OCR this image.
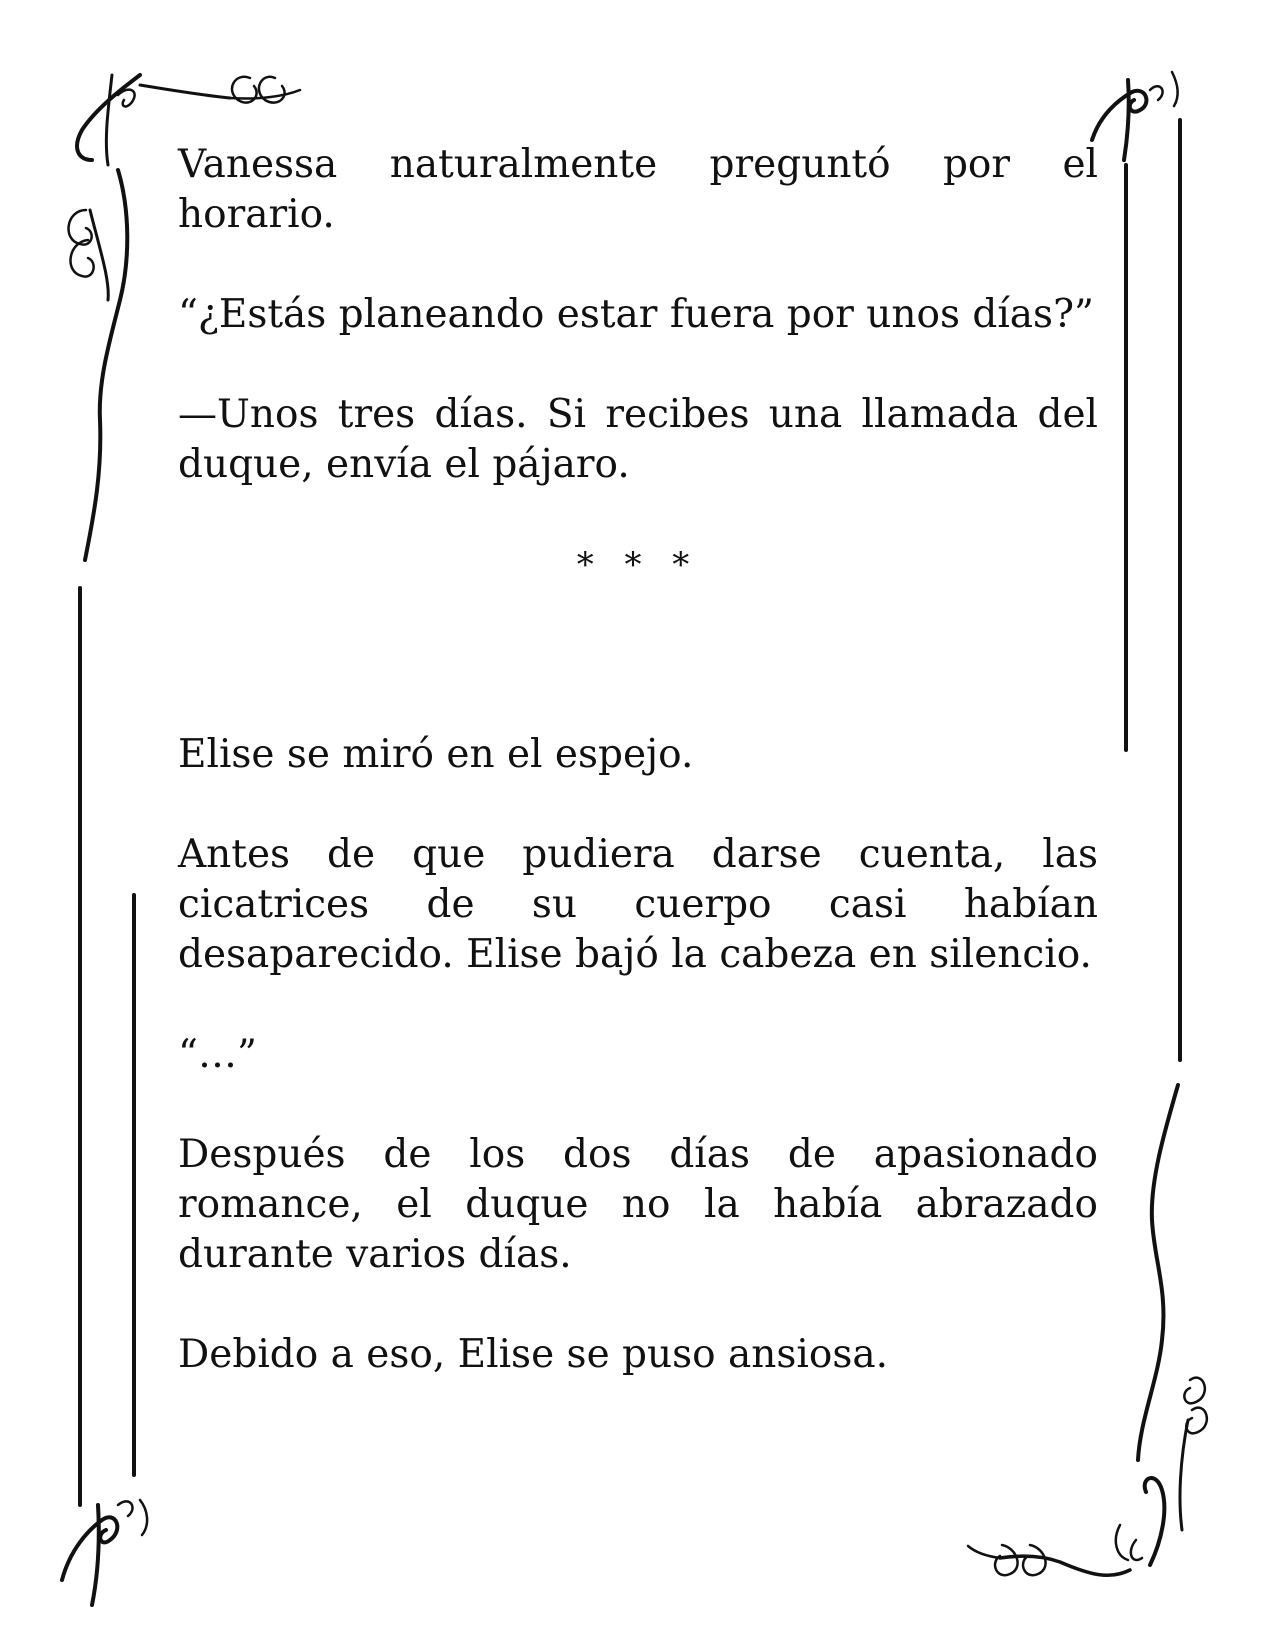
Vanessa naturalmente preguntó por el horario.

“¿Estás planeando estar fuera por unos días?”

—Unos tres días. Si recibes una llamada del duque, envía el pájaro.

* * *

Elise se miró en el espejo.

Antes de que pudiera darse cuenta, las cicatrices de su cuerpo casi habían desaparecido. Elise bajó la cabeza en silencio.

“…”

Después de los dos días de apasionado romance, el duque no la había abrazado durante varios días.

Debido a eso, Elise se puso ansiosa.
